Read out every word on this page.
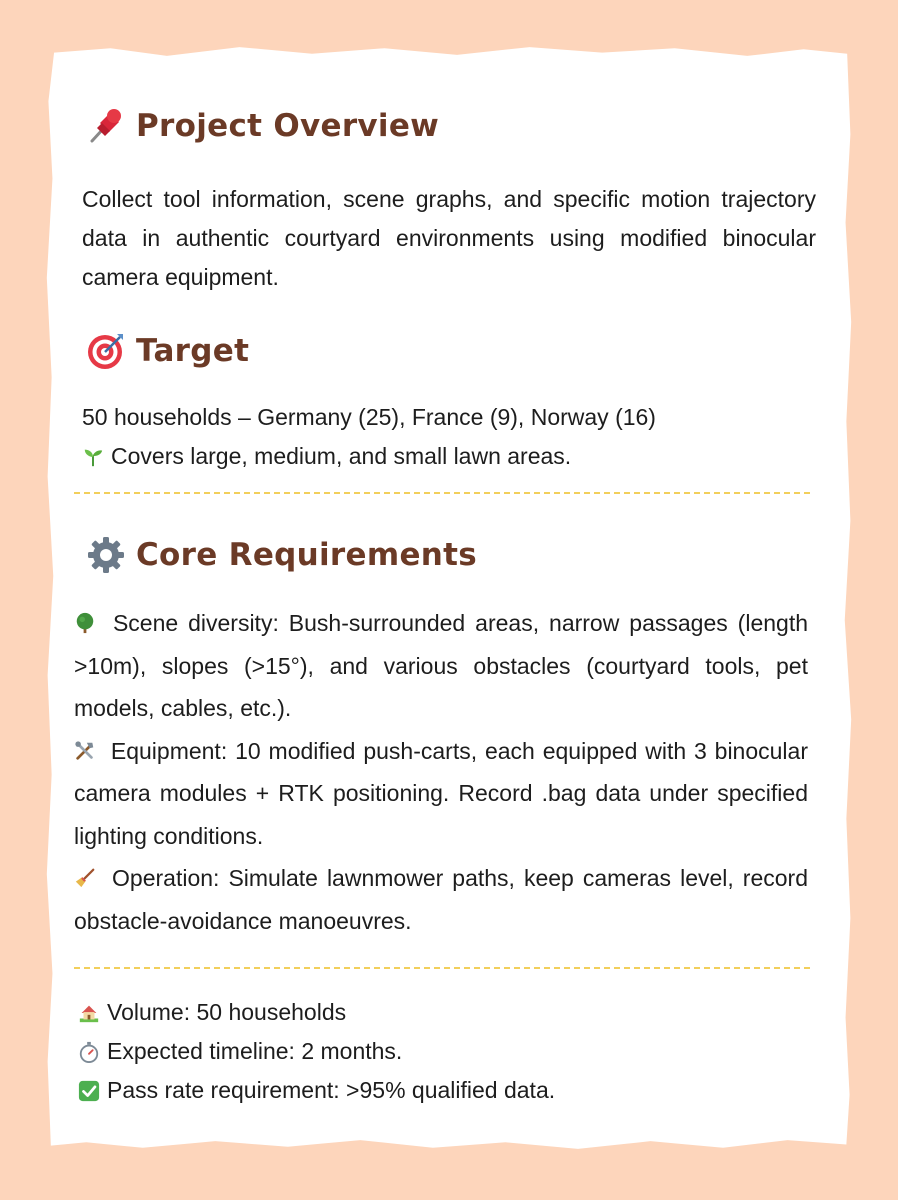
Project Overview
Collect tool information, scene graphs, and specific motion trajectory data in authentic courtyard environments using modified binocular camera equipment.
Target
50 households – Germany (25), France (9), Norway (16)
Covers large, medium, and small lawn areas.
Core Requirements

Scene diversity: Bush-surrounded areas, narrow passages (length >10m), slopes (>15°), and various obstacles (courtyard tools, pet models, cables, etc.).

Equipment: 10 modified push-carts, each equipped with 3 binocular camera modules + RTK positioning. Record .bag data under specified lighting conditions.

Operation: Simulate lawnmower paths, keep cameras level, record obstacle-avoidance manoeuvres.

Volume: 50 households
Expected timeline: 2 months.
Pass rate requirement: >95% qualified data.
